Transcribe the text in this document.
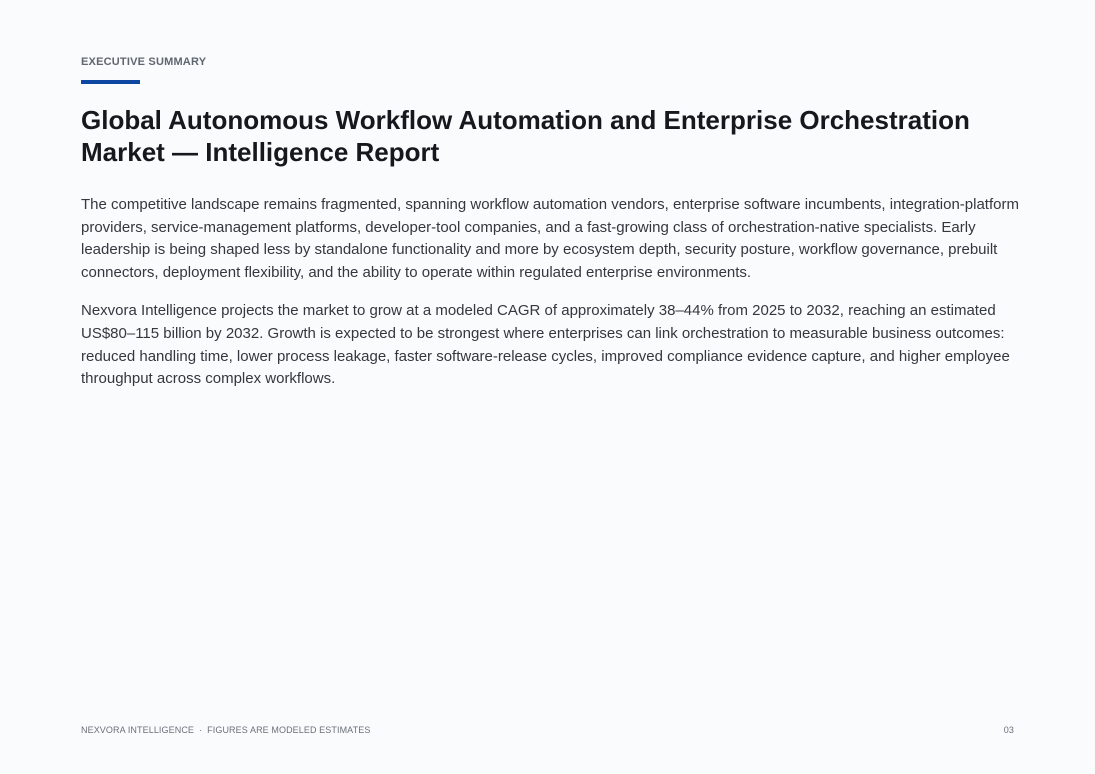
EXECUTIVE SUMMARY

Global Autonomous Workflow Automation and Enterprise Orchestration Market — Intelligence Report

The competitive landscape remains fragmented, spanning workflow automation vendors, enterprise software incumbents, integration-platform providers, service-management platforms, developer-tool companies, and a fast-growing class of orchestration-native specialists. Early leadership is being shaped less by standalone functionality and more by ecosystem depth, security posture, workflow governance, prebuilt connectors, deployment flexibility, and the ability to operate within regulated enterprise environments.

Nexvora Intelligence projects the market to grow at a modeled CAGR of approximately 38–44% from 2025 to 2032, reaching an estimated US$80–115 billion by 2032. Growth is expected to be strongest where enterprises can link orchestration to measurable business outcomes: reduced handling time, lower process leakage, faster software-release cycles, improved compliance evidence capture, and higher employee throughput across complex workflows.

NEXVORA INTELLIGENCE · FIGURES ARE MODELED ESTIMATES	03
